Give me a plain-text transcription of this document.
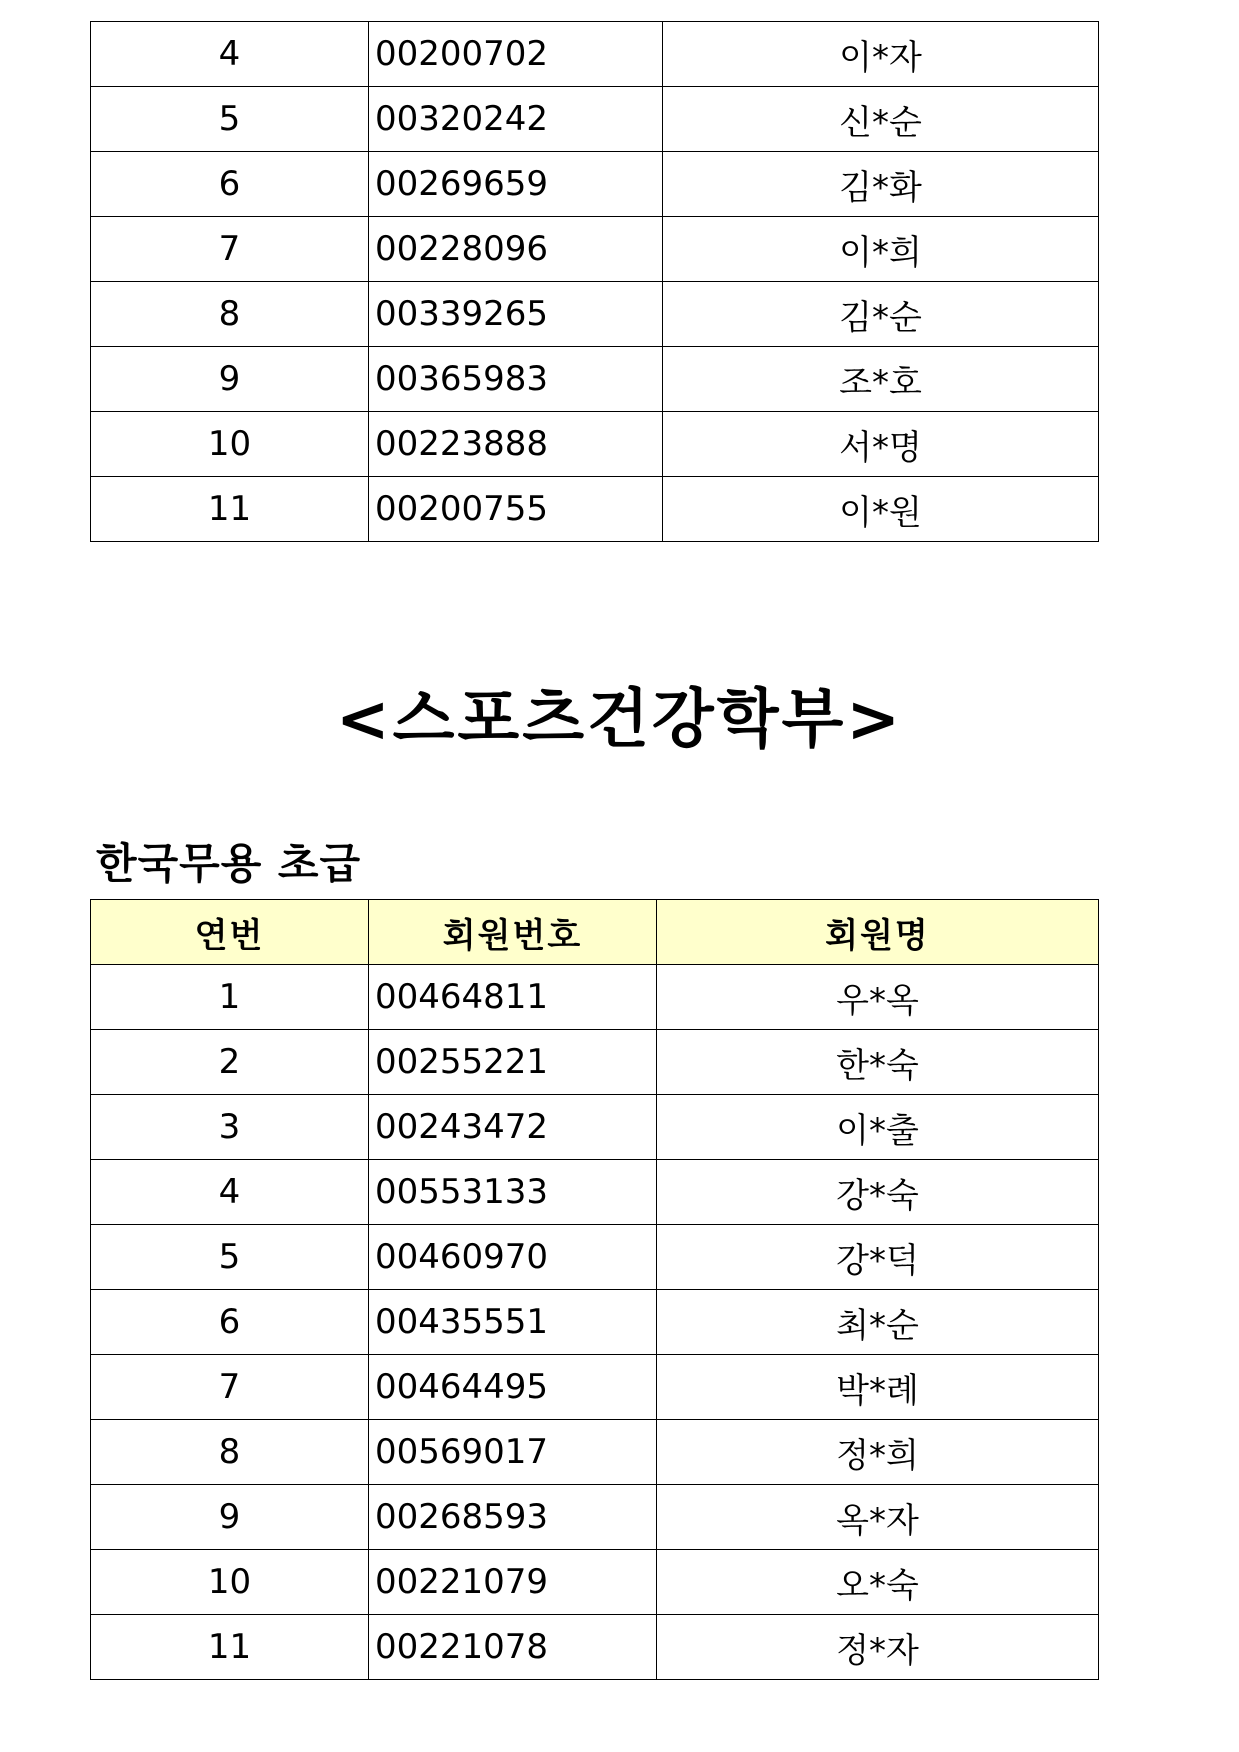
4	00200702	이*자
5	00320242	신*순
6	00269659	김*화
7	00228096	이*희
8	00339265	김*순
9	00365983	조*호
10	00223888	서*명
11	00200755	이*원
<스포츠건강학부>
한국무용 초급
연번	회원번호	회원명
1	00464811	우*옥
2	00255221	한*숙
3	00243472	이*출
4	00553133	강*숙
5	00460970	강*덕
6	00435551	최*순
7	00464495	박*례
8	00569017	정*희
9	00268593	옥*자
10	00221079	오*숙
11	00221078	정*자
